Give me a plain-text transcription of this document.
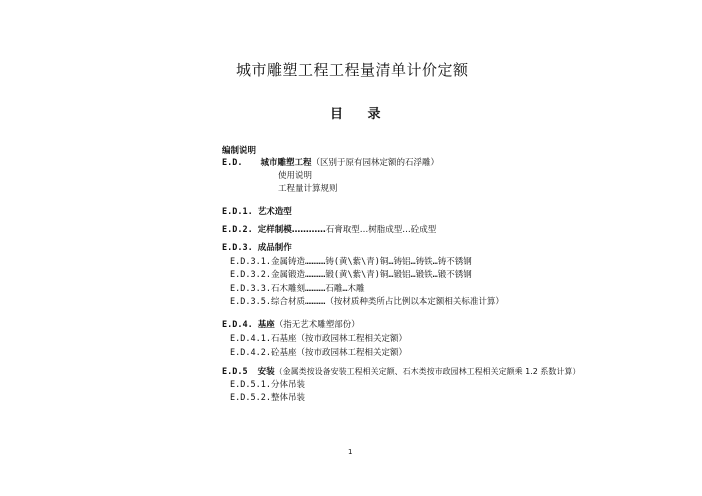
城市雕塑工程工程量清单计价定额
目 录
编制说明
E.D. 城市雕塑工程（区别于原有园林定额的石浮雕）
使用说明
工程量计算规则
E.D.1. 艺术造型
E.D.2. 定样制模…………石膏取型…树脂成型…砼成型
E.D.3. 成品制作
E.D.3.1.金属铸造…………铸(黄\紫\青)铜…铸铝…铸铁…铸不锈钢
E.D.3.2.金属锻造…………锻(黄\紫\青)铜…锻铝…锻铁…锻不锈钢
E.D.3.3.石木雕刻…………石雕…木雕
E.D.3.5.综合材质…………（按材质种类所占比例以本定额相关标准计算）
E.D.4. 基座（指无艺术雕塑部份）
E.D.4.1.石基座（按市政园林工程相关定额）
E.D.4.2.砼基座（按市政园林工程相关定额）
E.D.5 安装（金属类按设备安装工程相关定额、石木类按市政园林工程相关定额乘 1.2 系数计算）
E.D.5.1.分体吊装
E.D.5.2.整体吊装
1
